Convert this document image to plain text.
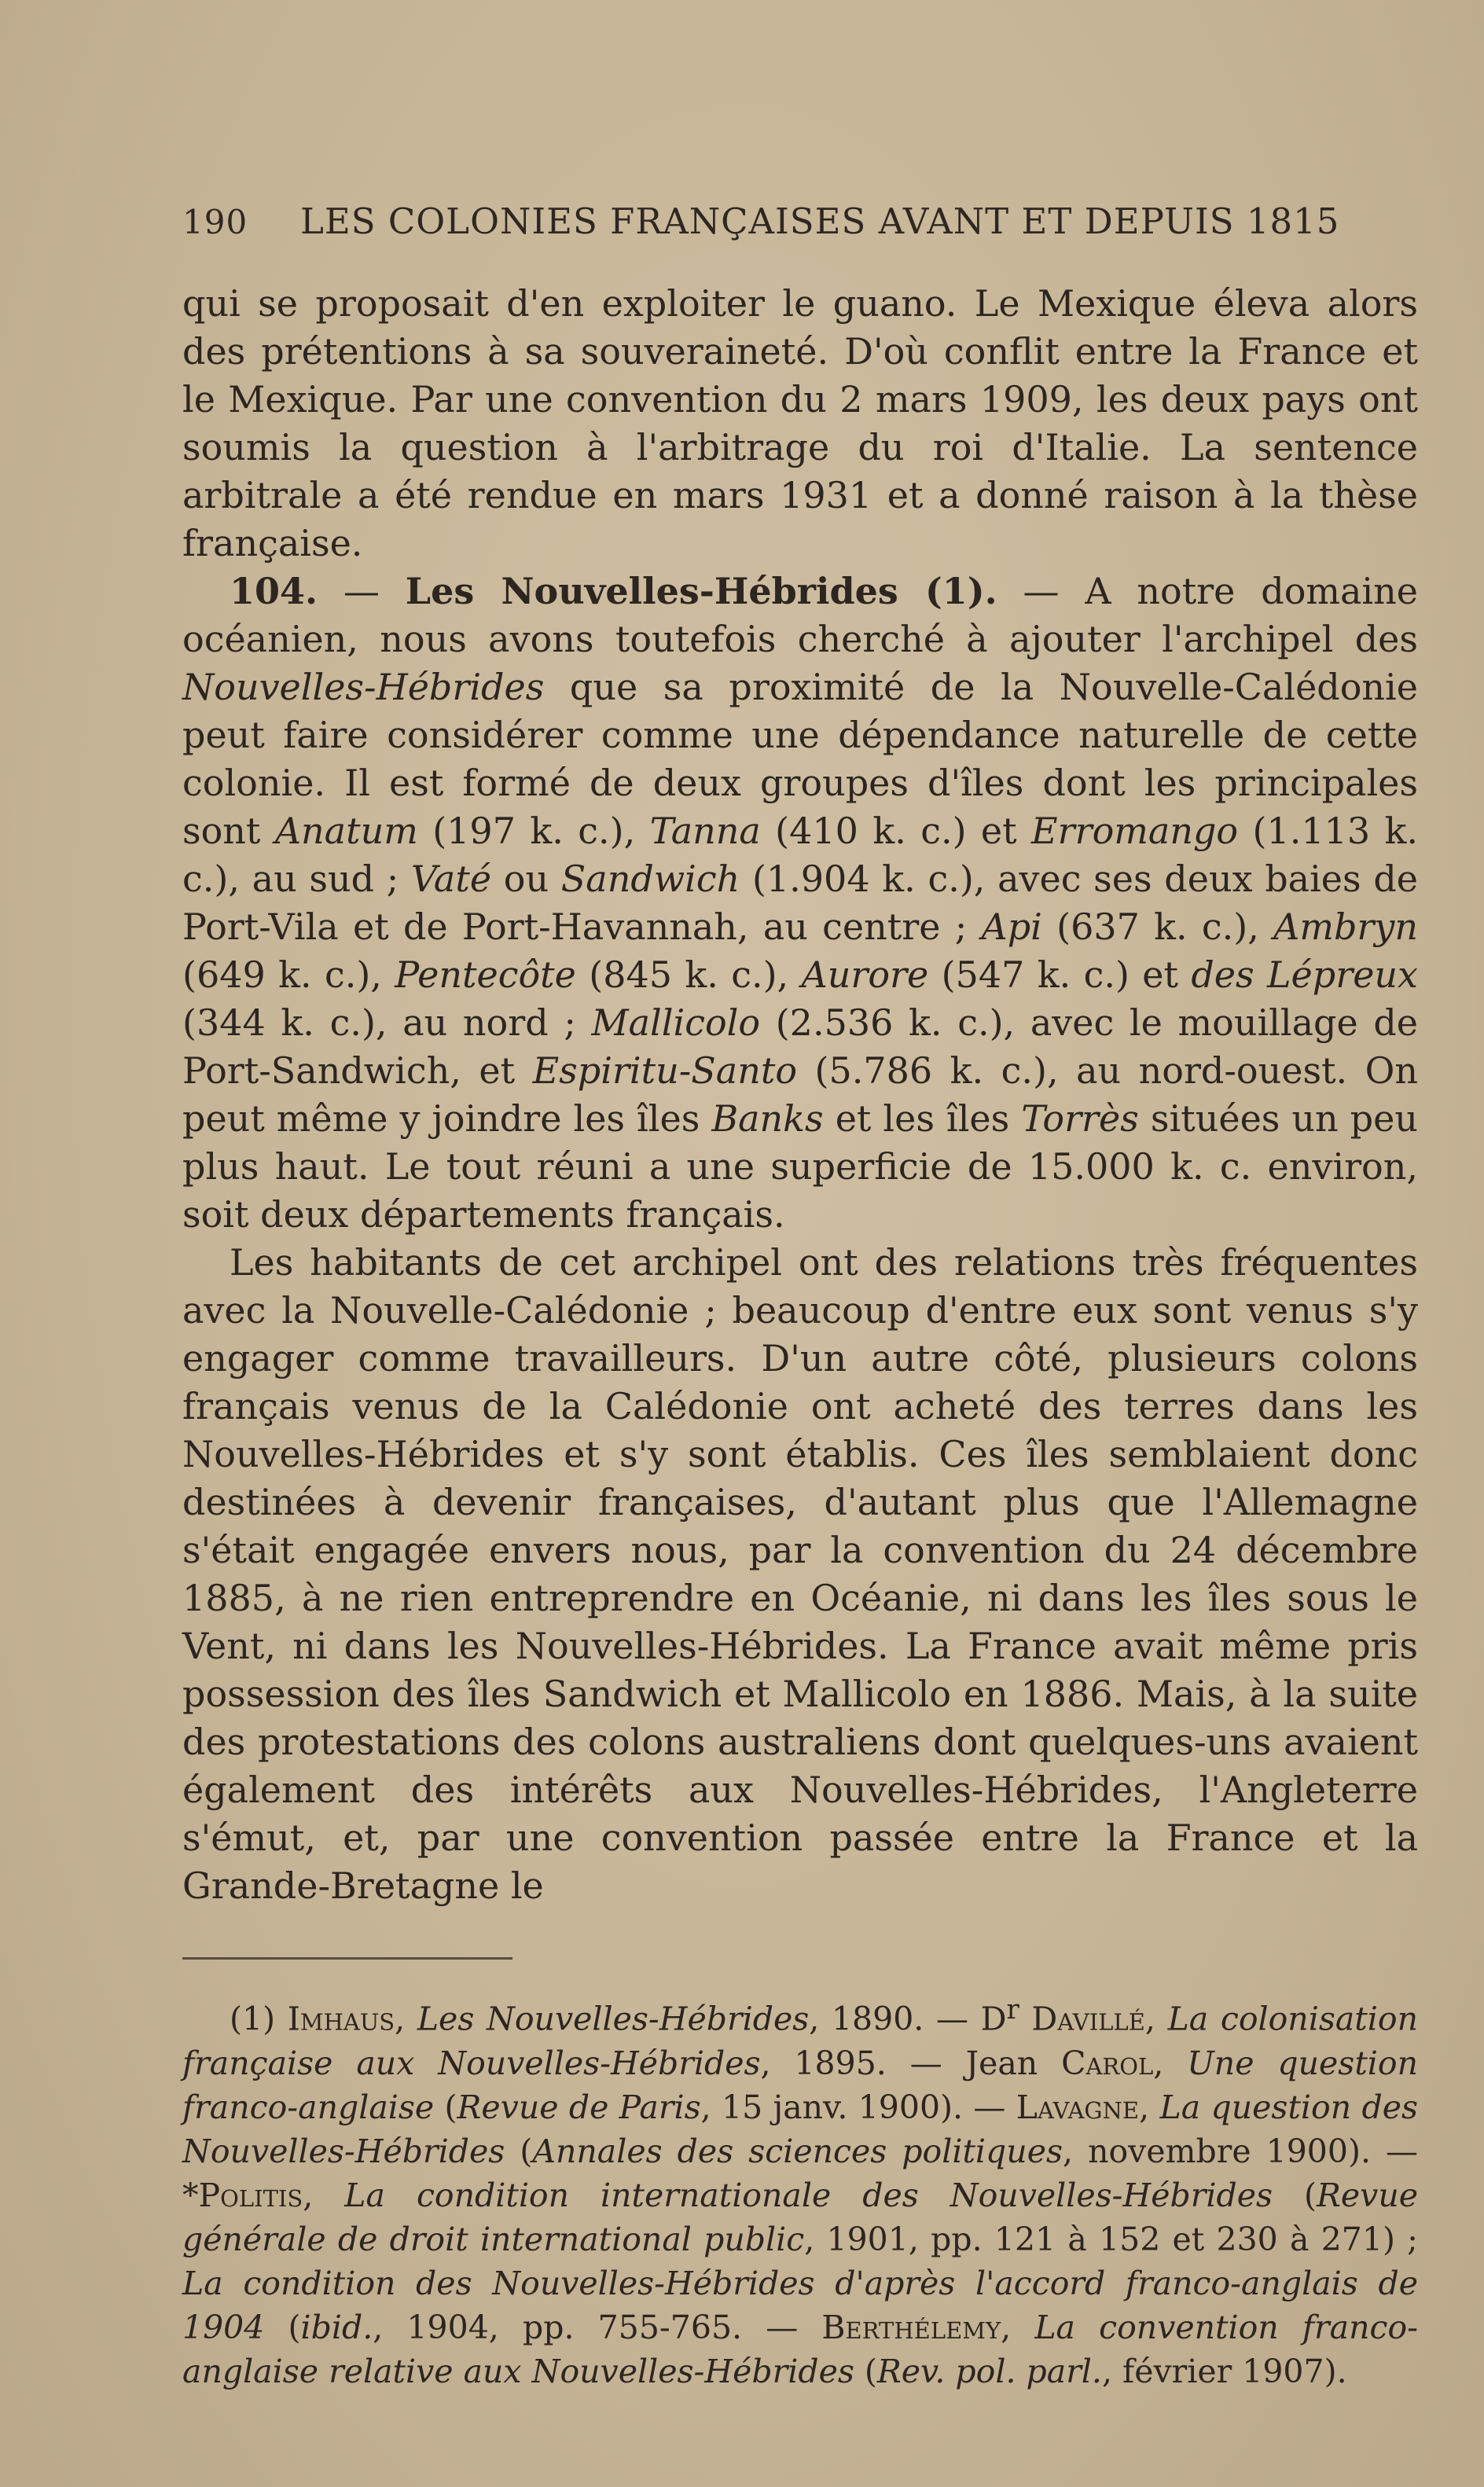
190	LES COLONIES FRANÇAISES AVANT ET DEPUIS 1815

qui se proposait d'en exploiter le guano. Le Mexique éleva alors des prétentions à sa souveraineté. D'où conflit entre la France et le Mexique. Par une convention du 2 mars 1909, les deux pays ont soumis la question à l'arbitrage du roi d'Italie. La sentence arbitrale a été rendue en mars 1931 et a donné raison à la thèse française.

104. — Les Nouvelles-Hébrides (1). — A notre domaine océanien, nous avons toutefois cherché à ajouter l'archipel des Nouvelles-Hébrides que sa proximité de la Nouvelle-Calédonie peut faire considérer comme une dépendance naturelle de cette colonie. Il est formé de deux groupes d'îles dont les principales sont Anatum (197 k. c.), Tanna (410 k. c.) et Erromango (1.113 k. c.), au sud ; Vaté ou Sandwich (1.904 k. c.), avec ses deux baies de Port-Vila et de Port-Havannah, au centre ; Api (637 k. c.), Ambryn (649 k. c.), Pentecôte (845 k. c.), Aurore (547 k. c.) et des Lépreux (344 k. c.), au nord ; Mallicolo (2.536 k. c.), avec le mouillage de Port-Sandwich, et Espiritu-Santo (5.786 k. c.), au nord-ouest. On peut même y joindre les îles Banks et les îles Torrès situées un peu plus haut. Le tout réuni a une superficie de 15.000 k. c. environ, soit deux départements français.

Les habitants de cet archipel ont des relations très fréquentes avec la Nouvelle-Calédonie ; beaucoup d'entre eux sont venus s'y engager comme travailleurs. D'un autre côté, plusieurs colons français venus de la Calédonie ont acheté des terres dans les Nouvelles-Hébrides et s'y sont établis. Ces îles semblaient donc destinées à devenir françaises, d'autant plus que l'Allemagne s'était engagée envers nous, par la convention du 24 décembre 1885, à ne rien entreprendre en Océanie, ni dans les îles sous le Vent, ni dans les Nouvelles-Hébrides. La France avait même pris possession des îles Sandwich et Mallicolo en 1886. Mais, à la suite des protestations des colons australiens dont quelques-uns avaient également des intérêts aux Nouvelles-Hébrides, l'Angleterre s'émut, et, par une convention passée entre la France et la Grande-Bretagne le

(1) Imhaus, Les Nouvelles-Hébrides, 1890. — $D^r$ Davillé, La colonisation française aux Nouvelles-Hébrides, 1895. — Jean Carol, Une question franco-anglaise (Revue de Paris, 15 janv. 1900). — Lavagne, La question des Nouvelles-Hébrides (Annales des sciences politiques, novembre 1900). — *Politis, La condition internationale des Nouvelles-Hébrides (Revue générale de droit international public, 1901, pp. 121 à 152 et 230 à 271) ; La condition des Nouvelles-Hébrides d'après l'accord franco-anglais de 1904 (ibid., 1904, pp. 755-765. — Berthélemy, La convention franco-anglaise relative aux Nouvelles-Hébrides (Rev. pol. parl., février 1907).
